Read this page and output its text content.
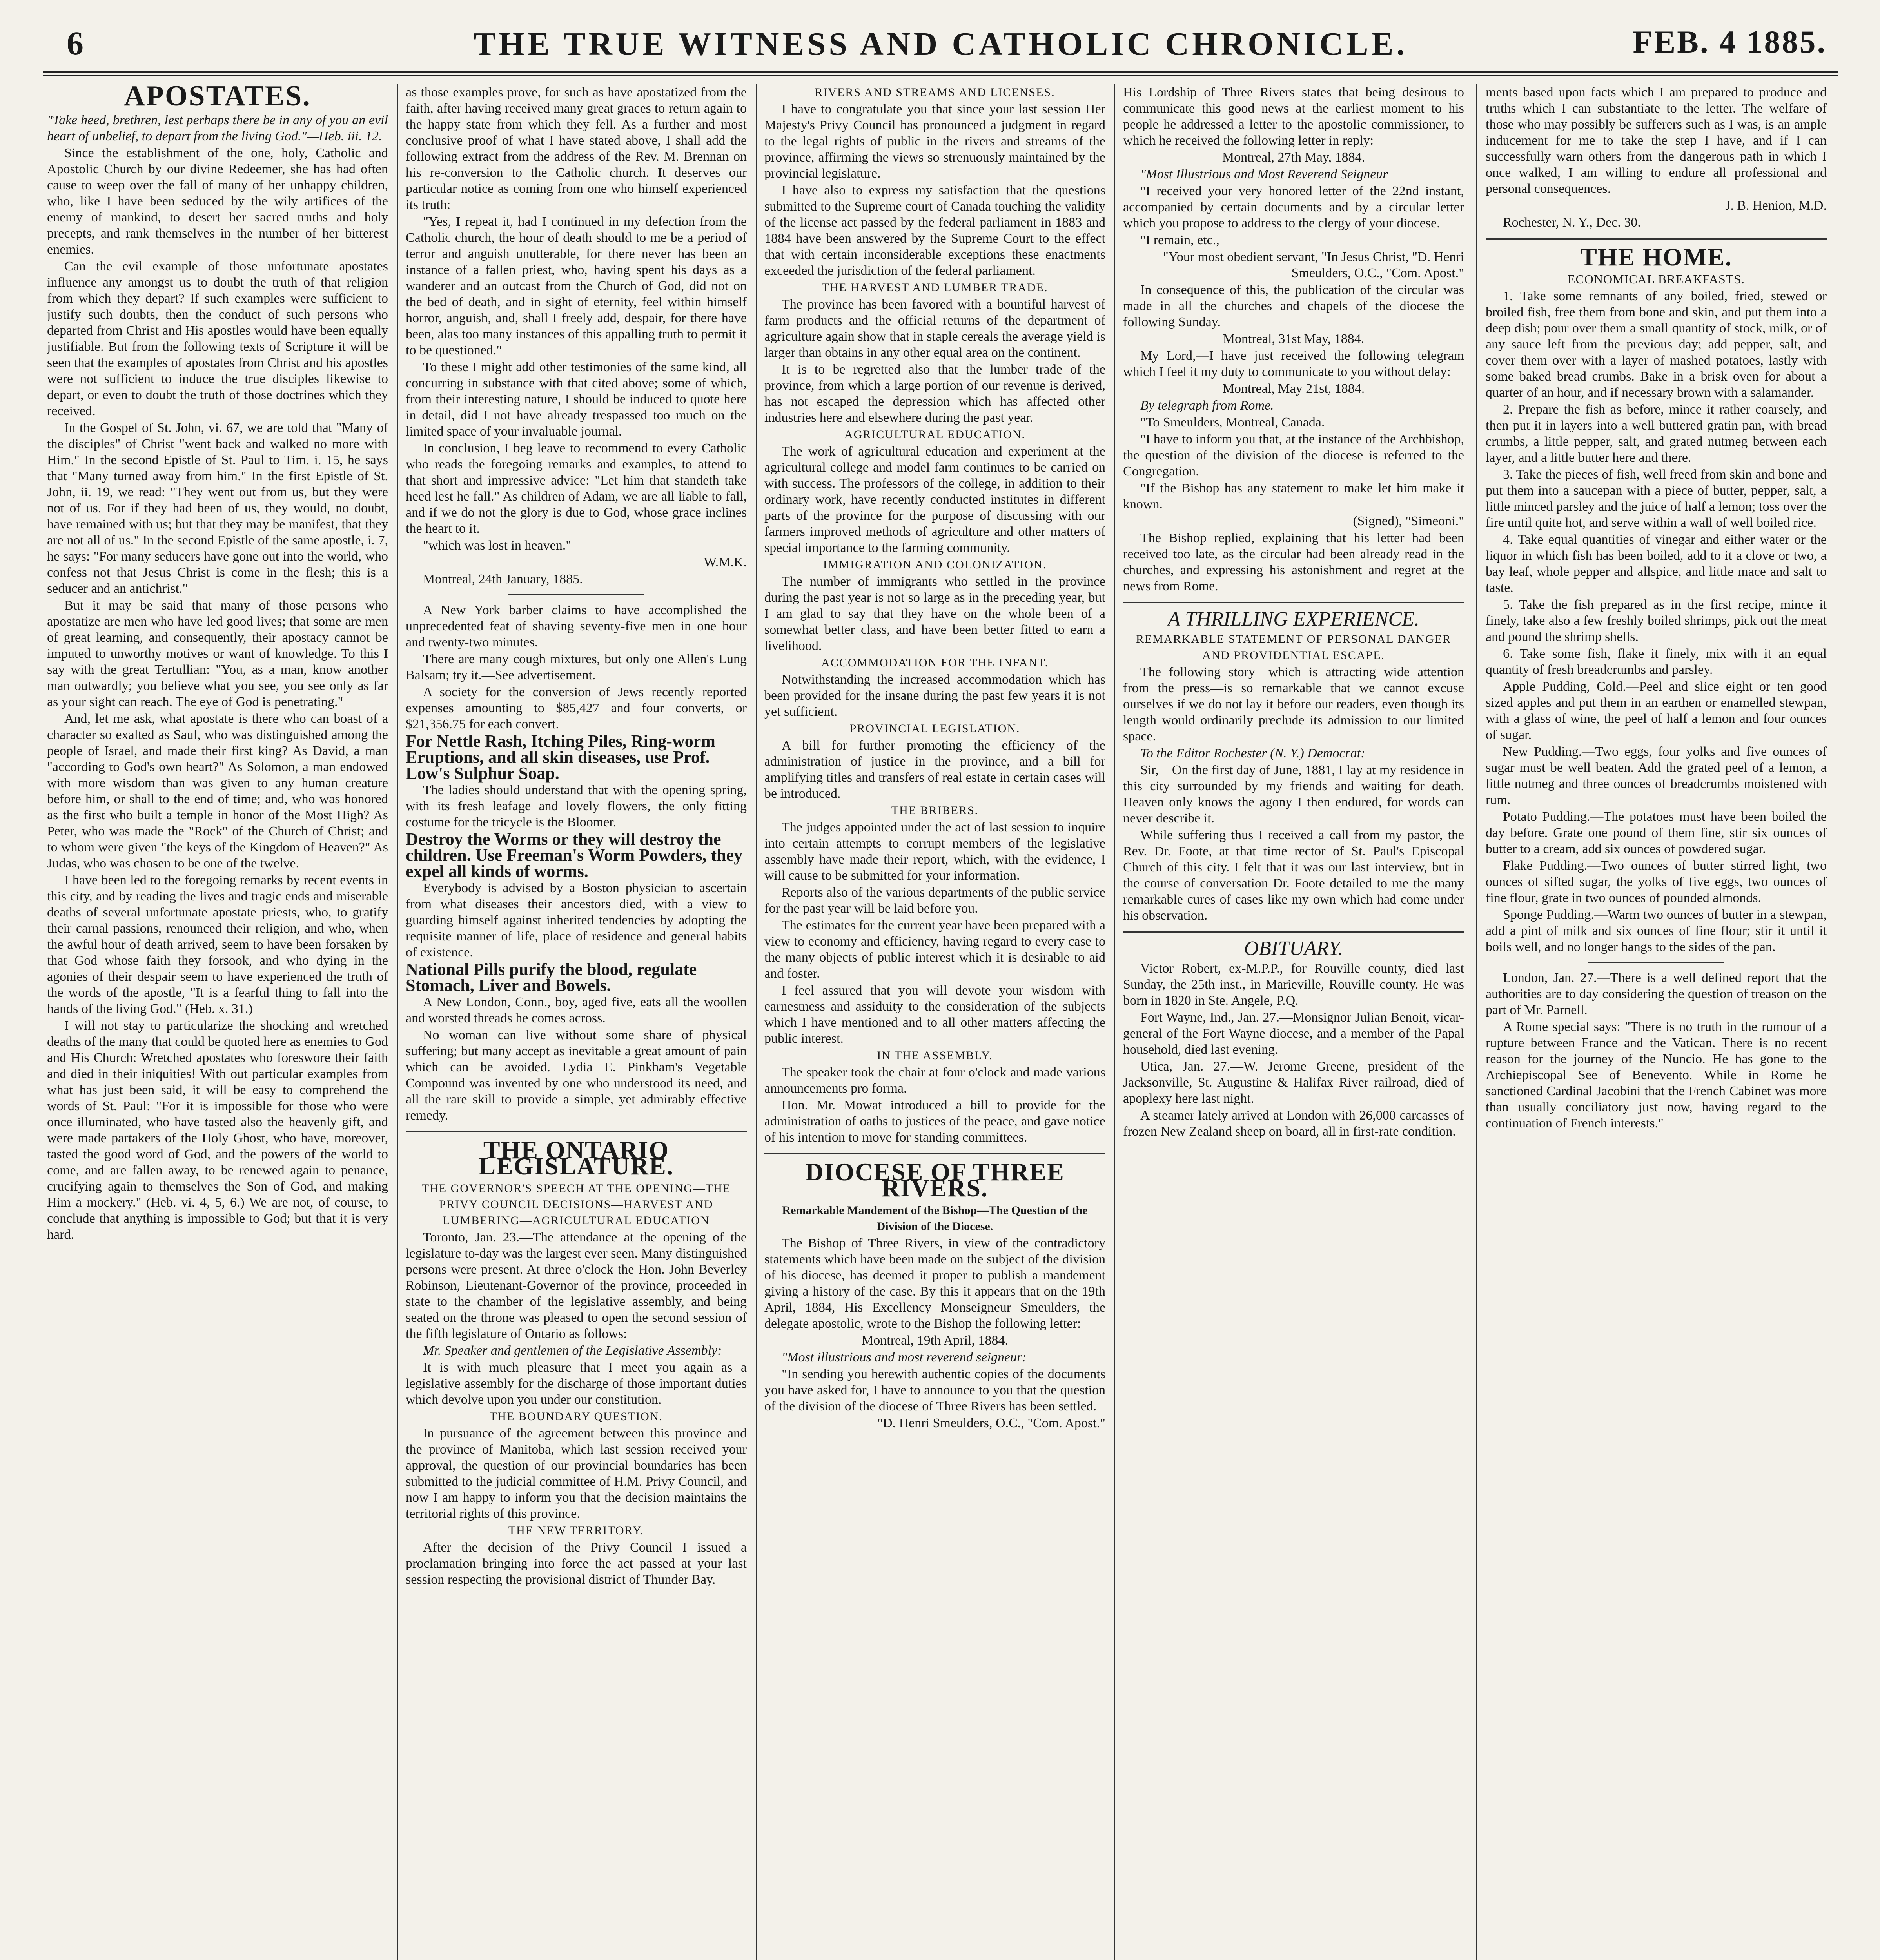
6	THE TRUE WITNESS AND CATHOLIC CHRONICLE.	FEB. 4 1885.
APOSTATES.

"Take heed, brethren, lest perhaps there be in any of you an evil heart of unbelief, to depart from the living God."—Heb. iii. 12.

Since the establishment of the one, holy, Catholic and Apostolic Church by our divine Redeemer, she has had often cause to weep over the fall of many of her unhappy children, who, like I have been seduced by the wily artifices of the enemy of mankind, to desert her sacred truths and holy precepts, and rank themselves in the number of her bitterest enemies.

Can the evil example of those unfortunate apostates influence any amongst us to doubt the truth of that religion from which they depart? If such examples were sufficient to justify such doubts, then the conduct of such persons who departed from Christ and His apostles would have been equally justifiable. But from the following texts of Scripture it will be seen that the examples of apostates from Christ and his apostles were not sufficient to induce the true disciples likewise to depart, or even to doubt the truth of those doctrines which they received.

In the Gospel of St. John, vi. 67, we are told that "Many of the disciples" of Christ "went back and walked no more with Him." In the second Epistle of St. Paul to Tim. i. 15, he says that "Many turned away from him." In the first Epistle of St. John, ii. 19, we read: "They went out from us, but they were not of us. For if they had been of us, they would, no doubt, have remained with us; but that they may be manifest, that they are not all of us." In the second Epistle of the same apostle, i. 7, he says: "For many seducers have gone out into the world, who confess not that Jesus Christ is come in the flesh; this is a seducer and an antichrist."

But it may be said that many of those persons who apostatize are men who have led good lives; that some are men of great learning, and consequently, their apostacy cannot be imputed to unworthy motives or want of knowledge. To this I say with the great Tertullian: "You, as a man, know another man outwardly; you believe what you see, you see only as far as your sight can reach. The eye of God is penetrating."

And, let me ask, what apostate is there who can boast of a character so exalted as Saul, who was distinguished among the people of Israel, and made their first king? As David, a man "according to God's own heart?" As Solomon, a man endowed with more wisdom than was given to any human creature before him, or shall to the end of time; and, who was honored as the first who built a temple in honor of the Most High? As Peter, who was made the "Rock" of the Church of Christ; and to whom were given "the keys of the Kingdom of Heaven?" As Judas, who was chosen to be one of the twelve.

I have been led to the foregoing remarks by recent events in this city, and by reading the lives and tragic ends and miserable deaths of several unfortunate apostate priests, who, to gratify their carnal passions, renounced their religion, and who, when the awful hour of death arrived, seem to have been forsaken by that God whose faith they forsook, and who dying in the agonies of their despair seem to have experienced the truth of the words of the apostle, "It is a fearful thing to fall into the hands of the living God." (Heb. x. 31.)

I will not stay to particularize the shocking and wretched deaths of the many that could be quoted here as enemies to God and His Church: Wretched apostates who foreswore their faith and died in their iniquities! With out particular examples from what has just been said, it will be easy to comprehend the words of St. Paul: "For it is impossible for those who were once illuminated, who have tasted also the heavenly gift, and were made partakers of the Holy Ghost, who have, moreover, tasted the good word of God, and the powers of the world to come, and are fallen away, to be renewed again to penance, crucifying again to themselves the Son of God, and making Him a mockery." (Heb. vi. 4, 5, 6.) We are not, of course, to conclude that anything is impossible to God; but that it is very hard.

as those examples prove, for such as have apostatized from the faith, after having received many great graces to return again to the happy state from which they fell. As a further and most conclusive proof of what I have stated above, I shall add the following extract from the address of the Rev. M. Brennan on his re-conversion to the Catholic church. It deserves our particular notice as coming from one who himself experienced its truth:

"Yes, I repeat it, had I continued in my defection from the Catholic church, the hour of death should to me be a period of terror and anguish unutterable, for there never has been an instance of a fallen priest, who, having spent his days as a wanderer and an outcast from the Church of God, did not on the bed of death, and in sight of eternity, feel within himself horror, anguish, and, shall I freely add, despair, for there have been, alas too many instances of this appalling truth to permit it to be questioned."

To these I might add other testimonies of the same kind, all concurring in substance with that cited above; some of which, from their interesting nature, I should be induced to quote here in detail, did I not have already trespassed too much on the limited space of your invaluable journal.

In conclusion, I beg leave to recommend to every Catholic who reads the foregoing remarks and examples, to attend to that short and impressive advice: "Let him that standeth take heed lest he fall." As children of Adam, we are all liable to fall, and if we do not the glory is due to God, whose grace inclines the heart to it.

"which was lost in heaven."

W.M.K.

Montreal, 24th January, 1885.

A New York barber claims to have accomplished the unprecedented feat of shaving seventy-five men in one hour and twenty-two minutes.

There are many cough mixtures, but only one Allen's Lung Balsam; try it.—See advertisement.

A society for the conversion of Jews recently reported expenses amounting to $85,427 and four converts, or $21,356.75 for each convert.

For Nettle Rash, Itching Piles, Ring-worm Eruptions, and all skin diseases, use Prof. Low's Sulphur Soap.

The ladies should understand that with the opening spring, with its fresh leafage and lovely flowers, the only fitting costume for the tricycle is the Bloomer.

Destroy the Worms or they will destroy the children. Use Freeman's Worm Powders, they expel all kinds of worms.

Everybody is advised by a Boston physician to ascertain from what diseases their ancestors died, with a view to guarding himself against inherited tendencies by adopting the requisite manner of life, place of residence and general habits of existence.

National Pills purify the blood, regulate Stomach, Liver and Bowels.

A New London, Conn., boy, aged five, eats all the woollen and worsted threads he comes across.

No woman can live without some share of physical suffering; but many accept as inevitable a great amount of pain which can be avoided. Lydia E. Pinkham's Vegetable Compound was invented by one who understood its need, and all the rare skill to provide a simple, yet admirably effective remedy.

THE ONTARIO LEGISLATURE.

THE GOVERNOR'S SPEECH AT THE OPENING—THE PRIVY COUNCIL DECISIONS—HARVEST AND LUMBERING—AGRICULTURAL EDUCATION

Toronto, Jan. 23.—The attendance at the opening of the legislature to-day was the largest ever seen. Many distinguished persons were present. At three o'clock the Hon. John Beverley Robinson, Lieutenant-Governor of the province, proceeded in state to the chamber of the legislative assembly, and being seated on the throne was pleased to open the second session of the fifth legislature of Ontario as follows:

Mr. Speaker and gentlemen of the Legislative Assembly:

It is with much pleasure that I meet you again as a legislative assembly for the discharge of those important duties which devolve upon you under our constitution.

THE BOUNDARY QUESTION.

In pursuance of the agreement between this province and the province of Manitoba, which last session received your approval, the question of our provincial boundaries has been submitted to the judicial committee of H.M. Privy Council, and now I am happy to inform you that the decision maintains the territorial rights of this province.

THE NEW TERRITORY.

After the decision of the Privy Council I issued a proclamation bringing into force the act passed at your last session respecting the provisional district of Thunder Bay.

RIVERS AND STREAMS AND LICENSES.

I have to congratulate you that since your last session Her Majesty's Privy Council has pronounced a judgment in regard to the legal rights of public in the rivers and streams of the province, affirming the views so strenuously maintained by the provincial legislature.

I have also to express my satisfaction that the questions submitted to the Supreme court of Canada touching the validity of the license act passed by the federal parliament in 1883 and 1884 have been answered by the Supreme Court to the effect that with certain inconsiderable exceptions these enactments exceeded the jurisdiction of the federal parliament.

THE HARVEST AND LUMBER TRADE.

The province has been favored with a bountiful harvest of farm products and the official returns of the department of agriculture again show that in staple cereals the average yield is larger than obtains in any other equal area on the continent.

It is to be regretted also that the lumber trade of the province, from which a large portion of our revenue is derived, has not escaped the depression which has affected other industries here and elsewhere during the past year.

AGRICULTURAL EDUCATION.

The work of agricultural education and experiment at the agricultural college and model farm continues to be carried on with success. The professors of the college, in addition to their ordinary work, have recently conducted institutes in different parts of the province for the purpose of discussing with our farmers improved methods of agriculture and other matters of special importance to the farming community.

IMMIGRATION AND COLONIZATION.

The number of immigrants who settled in the province during the past year is not so large as in the preceding year, but I am glad to say that they have on the whole been of a somewhat better class, and have been better fitted to earn a livelihood.

ACCOMMODATION FOR THE INFANT.

Notwithstanding the increased accommodation which has been provided for the insane during the past few years it is not yet sufficient.

PROVINCIAL LEGISLATION.

A bill for further promoting the efficiency of the administration of justice in the province, and a bill for amplifying titles and transfers of real estate in certain cases will be introduced.

THE BRIBERS.

The judges appointed under the act of last session to inquire into certain attempts to corrupt members of the legislative assembly have made their report, which, with the evidence, I will cause to be submitted for your information.

Reports also of the various departments of the public service for the past year will be laid before you.

The estimates for the current year have been prepared with a view to economy and efficiency, having regard to every case to the many objects of public interest which it is desirable to aid and foster.

I feel assured that you will devote your wisdom with earnestness and assiduity to the consideration of the subjects which I have mentioned and to all other matters affecting the public interest.

IN THE ASSEMBLY.

The speaker took the chair at four o'clock and made various announcements pro forma.

Hon. Mr. Mowat introduced a bill to provide for the administration of oaths to justices of the peace, and gave notice of his intention to move for standing committees.

DIOCESE OF THREE RIVERS.

Remarkable Mandement of the Bishop—The Question of the Division of the Diocese.

The Bishop of Three Rivers, in view of the contradictory statements which have been made on the subject of the division of his diocese, has deemed it proper to publish a mandement giving a history of the case. By this it appears that on the 19th April, 1884, His Excellency Monseigneur Smeulders, the delegate apostolic, wrote to the Bishop the following letter:

Montreal, 19th April, 1884.

"Most illustrious and most reverend seigneur:

"In sending you herewith authentic copies of the documents you have asked for, I have to announce to you that the question of the division of the diocese of Three Rivers has been settled.

"D. Henri Smeulders, O.C., "Com. Apost."

His Lordship of Three Rivers states that being desirous to communicate this good news at the earliest moment to his people he addressed a letter to the apostolic commissioner, to which he received the following letter in reply:

Montreal, 27th May, 1884.

"Most Illustrious and Most Reverend Seigneur

"I received your very honored letter of the 22nd instant, accompanied by certain documents and by a circular letter which you propose to address to the clergy of your diocese.

"I remain, etc.,

"Your most obedient servant, "In Jesus Christ, "D. Henri Smeulders, O.C., "Com. Apost."

In consequence of this, the publication of the circular was made in all the churches and chapels of the diocese the following Sunday.

Montreal, 31st May, 1884.

My Lord,—I have just received the following telegram which I feel it my duty to communicate to you without delay:

Montreal, May 21st, 1884.

By telegraph from Rome.

"To Smeulders, Montreal, Canada.

"I have to inform you that, at the instance of the Archbishop, the question of the division of the diocese is referred to the Congregation.

"If the Bishop has any statement to make let him make it known.

(Signed), "Simeoni."

The Bishop replied, explaining that his letter had been received too late, as the circular had been already read in the churches, and expressing his astonishment and regret at the news from Rome.

A THRILLING EXPERIENCE.

REMARKABLE STATEMENT OF PERSONAL DANGER AND PROVIDENTIAL ESCAPE.

The following story—which is attracting wide attention from the press—is so remarkable that we cannot excuse ourselves if we do not lay it before our readers, even though its length would ordinarily preclude its admission to our limited space.

To the Editor Rochester (N. Y.) Democrat:

Sir,—On the first day of June, 1881, I lay at my residence in this city surrounded by my friends and waiting for death. Heaven only knows the agony I then endured, for words can never describe it.

While suffering thus I received a call from my pastor, the Rev. Dr. Foote, at that time rector of St. Paul's Episcopal Church of this city. I felt that it was our last interview, but in the course of conversation Dr. Foote detailed to me the many remarkable cures of cases like my own which had come under his observation.

OBITUARY.

Victor Robert, ex-M.P.P., for Rouville county, died last Sunday, the 25th inst., in Marieville, Rouville county. He was born in 1820 in Ste. Angele, P.Q.

Fort Wayne, Ind., Jan. 27.—Monsignor Julian Benoit, vicar-general of the Fort Wayne diocese, and a member of the Papal household, died last evening.

Utica, Jan. 27.—W. Jerome Greene, president of the Jacksonville, St. Augustine & Halifax River railroad, died of apoplexy here last night.

A steamer lately arrived at London with 26,000 carcasses of frozen New Zealand sheep on board, all in first-rate condition.

ments based upon facts which I am prepared to produce and truths which I can substantiate to the letter. The welfare of those who may possibly be sufferers such as I was, is an ample inducement for me to take the step I have, and if I can successfully warn others from the dangerous path in which I once walked, I am willing to endure all professional and personal consequences.

J. B. Henion, M.D.

Rochester, N. Y., Dec. 30.

THE HOME.

ECONOMICAL BREAKFASTS.

1. Take some remnants of any boiled, fried, stewed or broiled fish, free them from bone and skin, and put them into a deep dish; pour over them a small quantity of stock, milk, or of any sauce left from the previous day; add pepper, salt, and cover them over with a layer of mashed potatoes, lastly with some baked bread crumbs. Bake in a brisk oven for about a quarter of an hour, and if necessary brown with a salamander.

2. Prepare the fish as before, mince it rather coarsely, and then put it in layers into a well buttered gratin pan, with bread crumbs, a little pepper, salt, and grated nutmeg between each layer, and a little butter here and there.

3. Take the pieces of fish, well freed from skin and bone and put them into a saucepan with a piece of butter, pepper, salt, a little minced parsley and the juice of half a lemon; toss over the fire until quite hot, and serve within a wall of well boiled rice.

4. Take equal quantities of vinegar and either water or the liquor in which fish has been boiled, add to it a clove or two, a bay leaf, whole pepper and allspice, and little mace and salt to taste.

5. Take the fish prepared as in the first recipe, mince it finely, take also a few freshly boiled shrimps, pick out the meat and pound the shrimp shells.

6. Take some fish, flake it finely, mix with it an equal quantity of fresh breadcrumbs and parsley.

Apple Pudding, Cold.—Peel and slice eight or ten good sized apples and put them in an earthen or enamelled stewpan, with a glass of wine, the peel of half a lemon and four ounces of sugar.

New Pudding.—Two eggs, four yolks and five ounces of sugar must be well beaten. Add the grated peel of a lemon, a little nutmeg and three ounces of breadcrumbs moistened with rum.

Potato Pudding.—The potatoes must have been boiled the day before. Grate one pound of them fine, stir six ounces of butter to a cream, add six ounces of powdered sugar.

Flake Pudding.—Two ounces of butter stirred light, two ounces of sifted sugar, the yolks of five eggs, two ounces of fine flour, grate in two ounces of pounded almonds.

Sponge Pudding.—Warm two ounces of butter in a stewpan, add a pint of milk and six ounces of fine flour; stir it until it boils well, and no longer hangs to the sides of the pan.

London, Jan. 27.—There is a well defined report that the authorities are to day considering the question of treason on the part of Mr. Parnell.

A Rome special says: "There is no truth in the rumour of a rupture between France and the Vatican. There is no recent reason for the journey of the Nuncio. He has gone to the Archiepiscopal See of Benevento. While in Rome he sanctioned Cardinal Jacobini that the French Cabinet was more than usually conciliatory just now, having regard to the continuation of French interests."
